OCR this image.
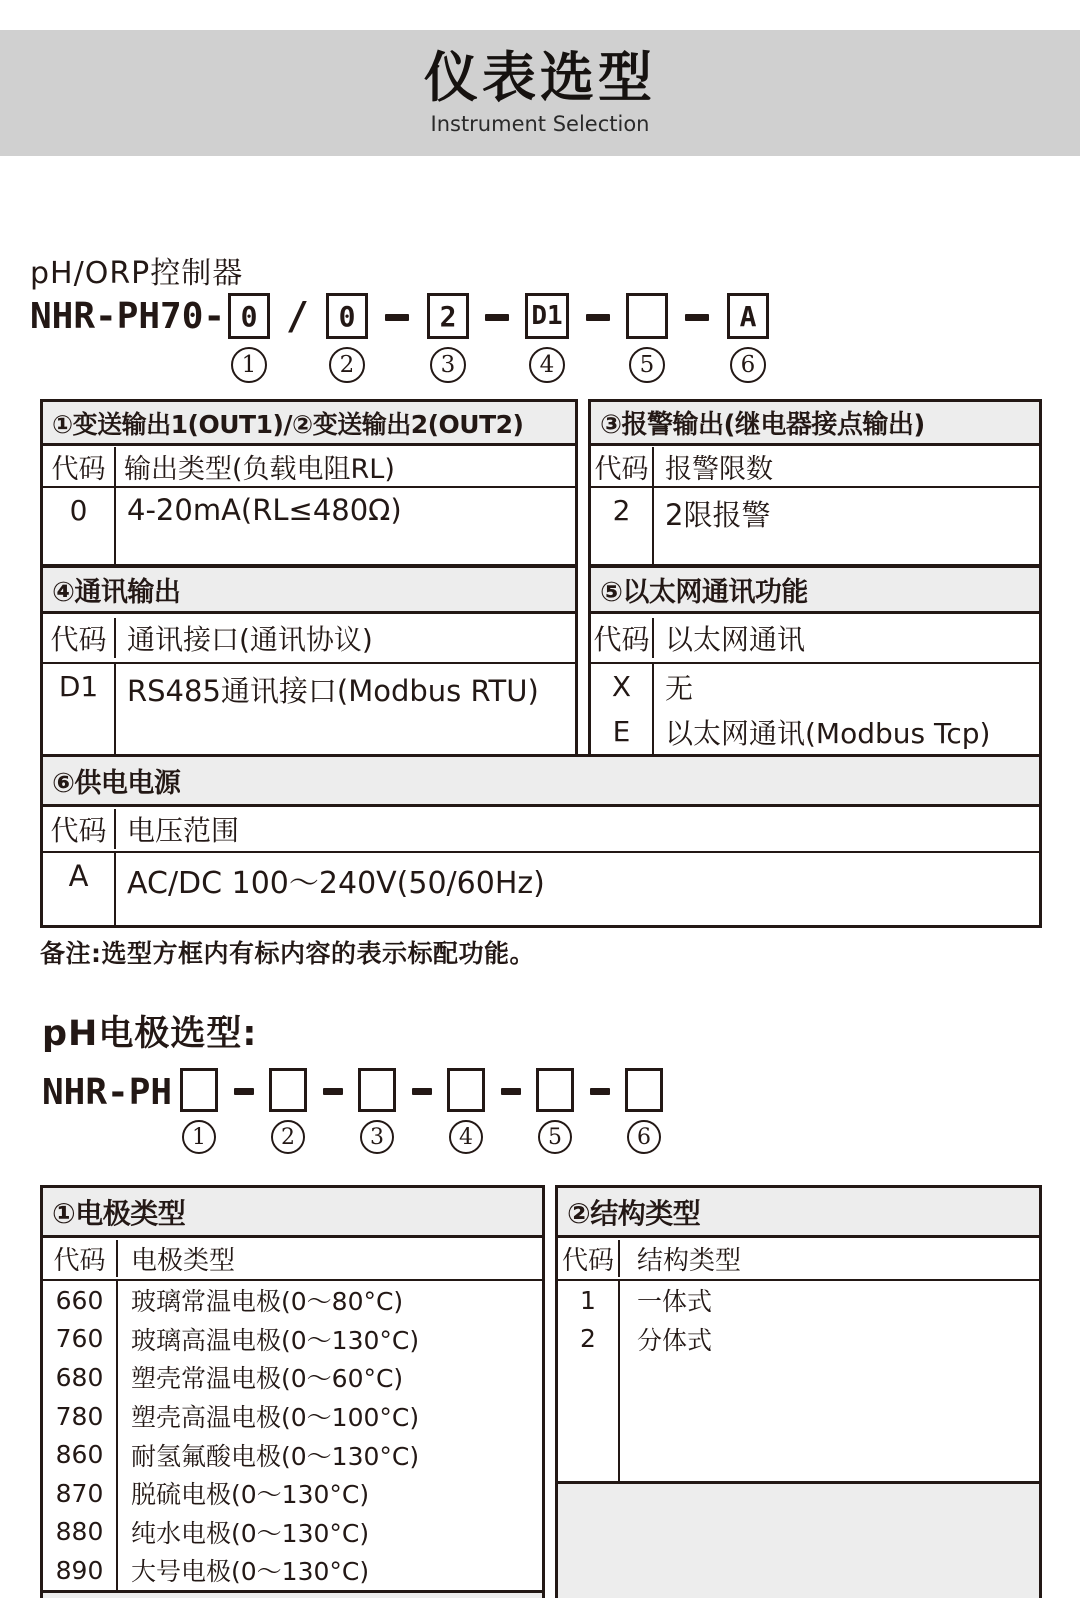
仪表选型
Instrument Selection
pH/ORP控制器
NHR-PH70- 0 /	0	2	D1	A
1	2	3	4	5	6
①变送输出1(OUT1)/②变送输出2(OUT2)
代码 输出类型(负载电阻RL)
0	4-20mA(RL≤480Ω)
③报警输出(继电器接点输出)
代码 报警限数
2	2限报警
④通讯输出
代码 通讯接口(通讯协议)
D1 RS485通讯接口(Modbus RTU)
⑤以太网通讯功能
代码 以太网通讯
X	无
E	以太网通讯(Modbus Tcp)
⑥供电电源
代码 电压范围
A	AC/DC 100～240V(50/60Hz)
备注:选型方框内有标内容的表示标配功能。
pH电极选型:
NHR-PH
1	2	3	4	5	6
①电极类型
代码 电极类型
660	玻璃常温电极(0～80°C)
760	玻璃高温电极(0～130°C)
680	塑壳常温电极(0～60°C)
780	塑壳高温电极(0～100°C)
860	耐氢氟酸电极(0～130°C)
870	脱硫电极(0～130°C)
880	纯水电极(0～130°C)
890	大号电极(0～130°C)
②结构类型
代码 结构类型
1	一体式
2	分体式
